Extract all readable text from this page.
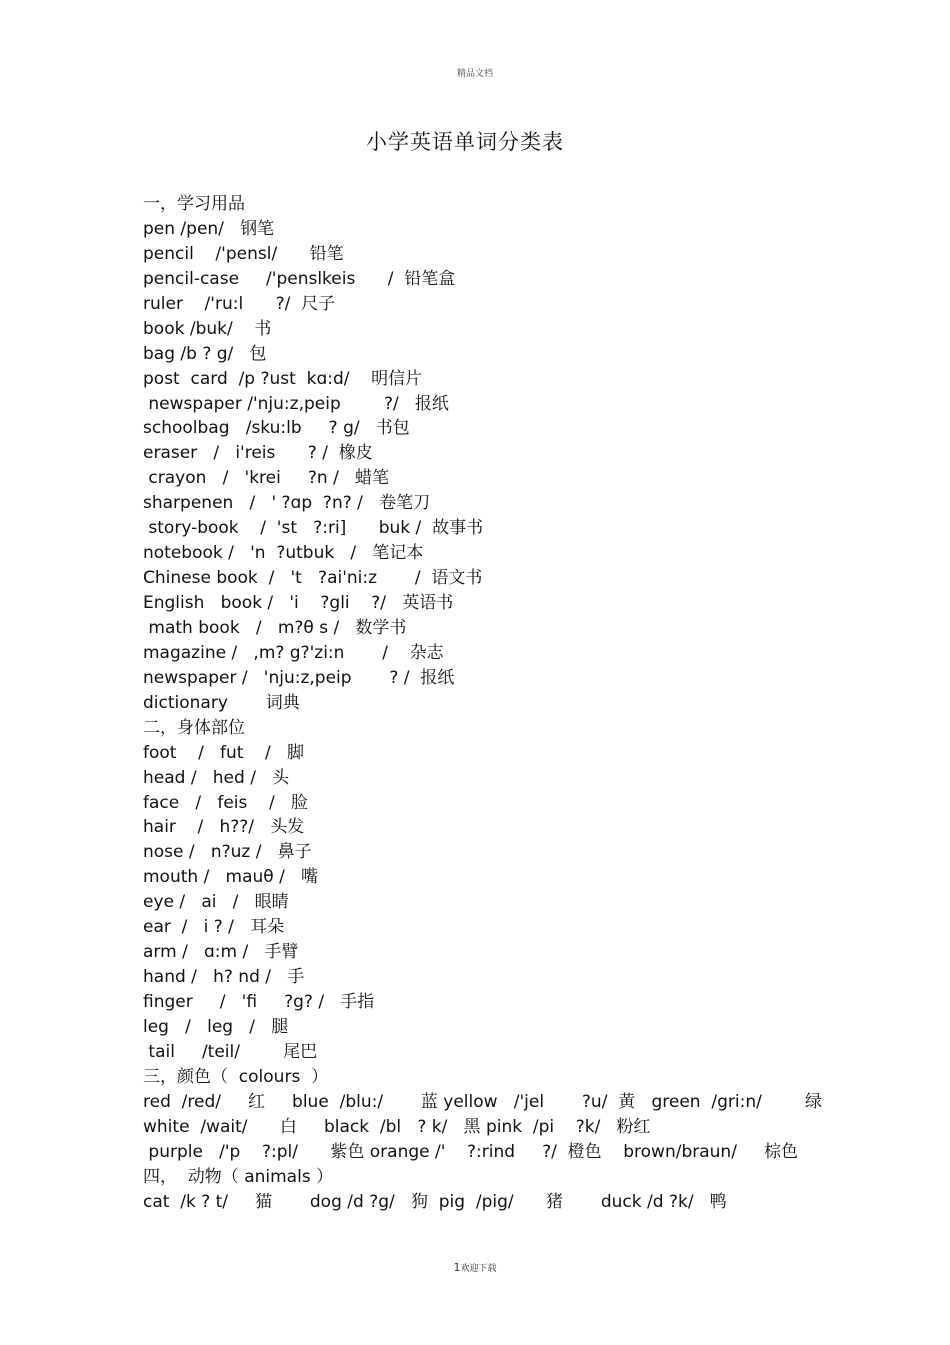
精品文档
小学英语单词分类表
一，学习用品
pen /pen/   钢笔
pencil    /'pensl/      铅笔
pencil-case     /'penslkeis      /  铅笔盒
ruler    /'ru:l      ?/  尺子
book /buk/    书
bag /b ? g/   包
post  card  /p ?ust  kɑ:d/    明信片
newspaper /'nju:z,peip        ?/   报纸
schoolbag   /sku:lb     ? g/   书包
eraser   /   i'reis      ? /  橡皮
crayon   /   'krei     ?n /   蜡笔
sharpenen   /   ' ?ɑp  ?n? /   卷笔刀
story-book    /  'st   ?:ri]      buk /  故事书
notebook /   'n  ?utbuk   /   笔记本
Chinese book  /   't   ?ai'ni:z       /  语文书
English   book /   'i    ?gli    ?/   英语书
math book   /   m?θ s /   数学书
magazine /   ,m? g?'zi:n       /    杂志
newspaper /   'nju:z,peip       ? /  报纸
dictionary       词典
二，身体部位
foot    /   fut    /   脚
head /   hed /   头
face   /   feis    /   脸
hair    /   h??/   头发
nose /   n?uz /   鼻子
mouth /   mauθ /   嘴
eye /   ai   /   眼睛
ear  /   i ? /   耳朵
arm /   ɑ:m /   手臂
hand /   h? nd /   手
finger     /   'fi     ?g? /   手指
leg   /   leg   /   腿
tail     /teil/        尾巴
三，颜色（  colours  ）
red  /red/     红     blue  /blu:/       蓝 yellow   /'jel       ?u/  黄   green  /gri:n/        绿
white  /wait/      白     black  /bl   ? k/   黑 pink  /pi    ?k/   粉红
purple   /'p    ?:pl/      紫色 orange /'    ?:rind     ?/  橙色    brown/braun/     棕色
四，  动物（ animals ）
cat  /k ? t/     猫       dog /d ?g/   狗  pig  /pig/      猪       duck /d ?k/   鸭
1欢迎下载
